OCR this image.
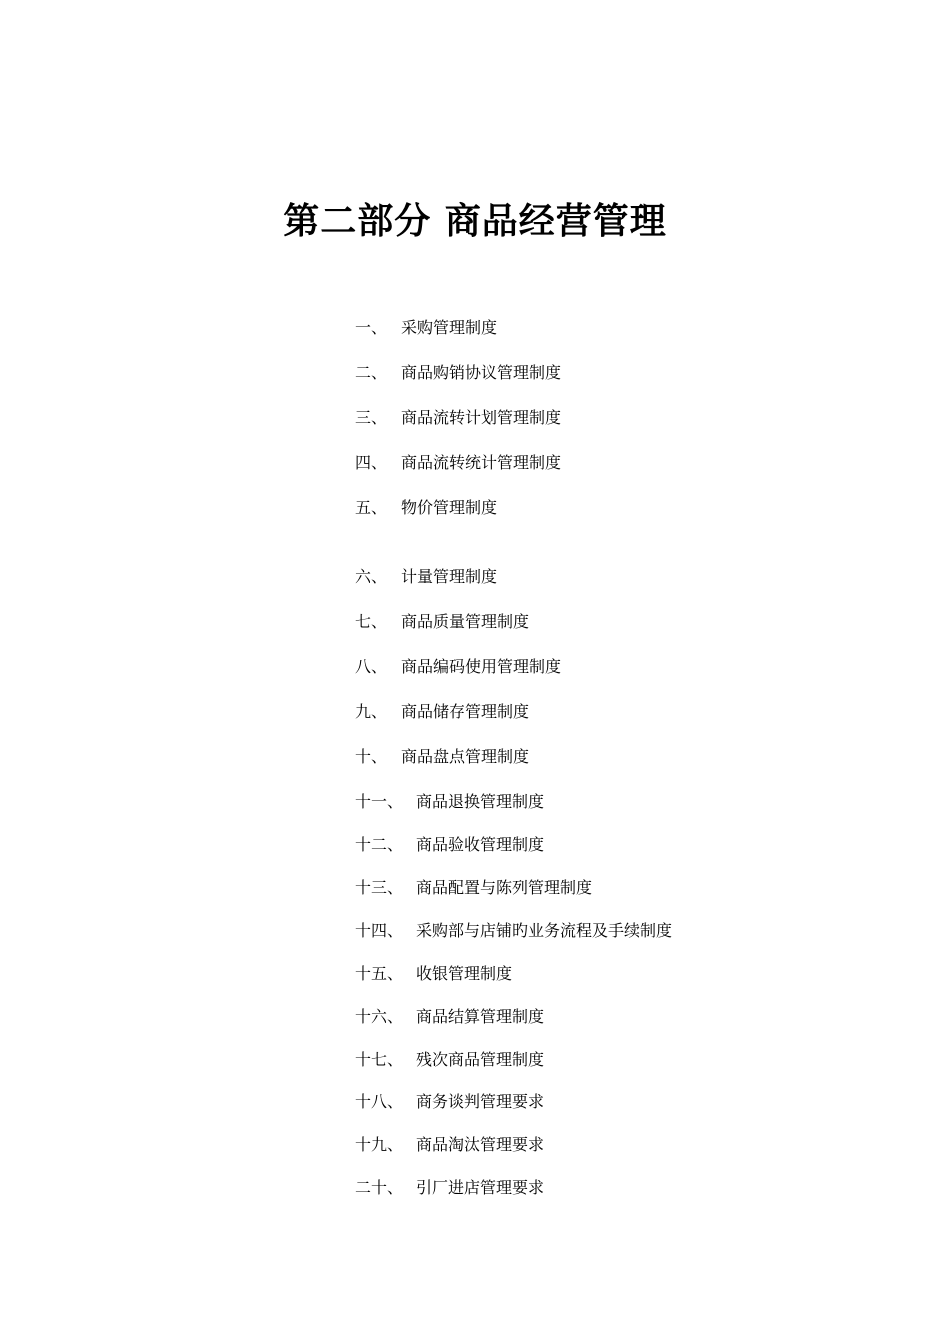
第二部分 商品经营管理
一、 采购管理制度
二、 商品购销协议管理制度
三、 商品流转计划管理制度
四、 商品流转统计管理制度
五、 物价管理制度
六、 计量管理制度
七、 商品质量管理制度
八、 商品编码使用管理制度
九、 商品储存管理制度
十、 商品盘点管理制度
十一、 商品退换管理制度
十二、 商品验收管理制度
十三、 商品配置与陈列管理制度
十四、 采购部与店铺旳业务流程及手续制度
十五、 收银管理制度
十六、 商品结算管理制度
十七、 残次商品管理制度
十八、 商务谈判管理要求
十九、 商品淘汰管理要求
二十、 引厂进店管理要求
